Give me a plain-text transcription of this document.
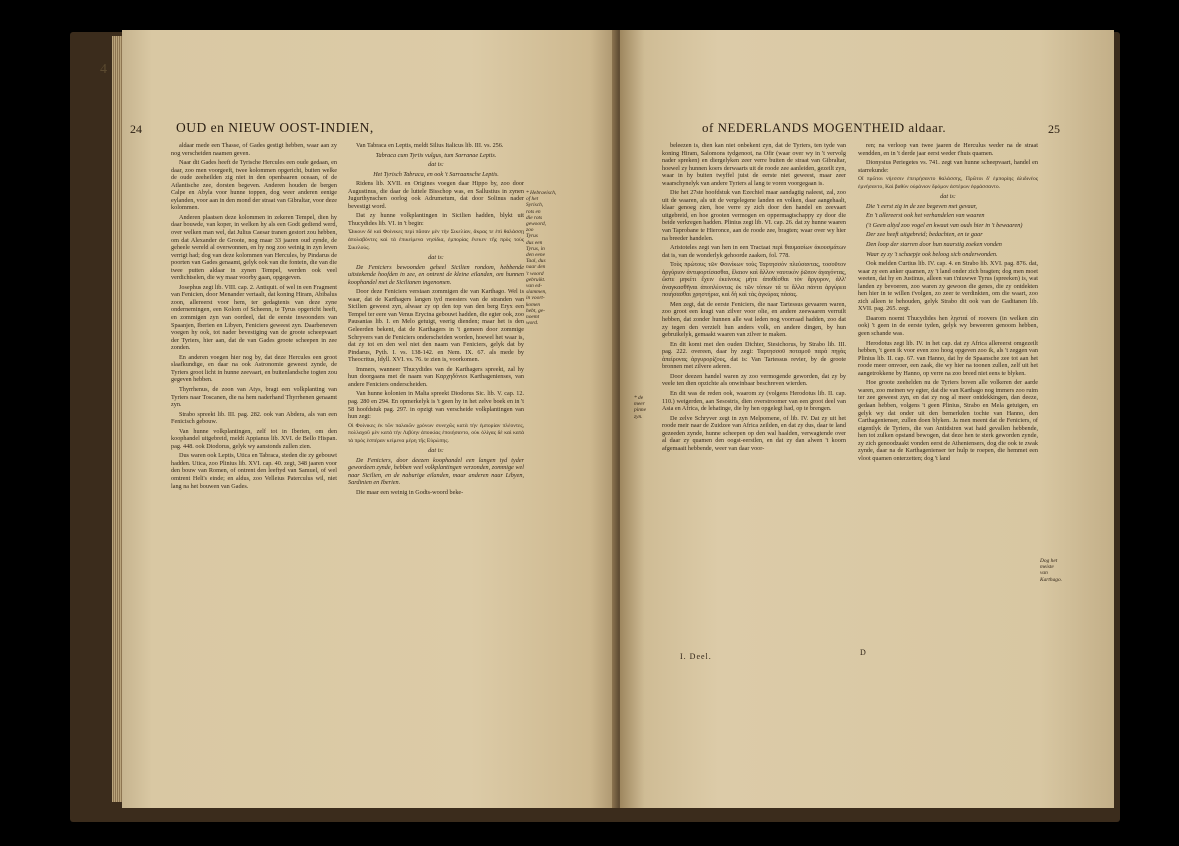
4
24	OUD en NIEUW OOST-INDIEN,

aldaar mede een Thasse, of Gades gestigt hebben, waar aan zy nog verscheiden naamen geven.

Naar dit Gades heeft de Tyrische Hercules een oude gedaan, en daar, zoo men voorgeeft, twee kolommen opgericht, buiten welke de oude zeeheilden zig niet in den openbaaren oceaan, of de Atlantische zee, dorsten begeven. Anderen houden de bergen Calpe en Abyla voor hunne toppen, dog weer anderen eenige eylanden, voor aan in den mond der straat van Gibraltar, voor deze kolommen.

Anderen plaatsen deze kolommen in zekeren Tempel, dien hy daar bouwde, van koper, in welken hy als een Godt gediend werd, over welken man wel, dat Julius Caesar tranen gestort zou hebben, om dat Alexander de Groote, nog maar 33 jaaren oud zynde, de geheele wereld al overwonnen, en hy nog zoo weinig in zyn leven verrigt had; dog van deze kolommen van Hercules, by Pindarus de poorten van Gades genaamt, gelyk ook van die fontein, die van die twee putten aldaar in zynen Tempel, werden ook veel verdichtselen, die wy maar voorby gaan, opgegeven.

Josephus zegt lib. VIII. cap. 2. Antiquit. of wel in een Fragment van Fenicien, door Menander vertaalt, dat koning Hiram, Abibalus zoon, allereerst voor hem, ter gedagtenis van deze zyne ondernemingen, een Kolom of Scheenn, te Tyrus opgericht heeft, en zommigen zyn van oordeel, dat de eerste inwoonders van Spaanjen, Iberien en Libyen, Feniciers geweest zyn. Daarbeneven voegen hy ook, tot nader bevestiging van de groote scheepvaart der Tyriers, hier aan, dat de van Gades groote scheepen in zee zonden.

En anderen voegen hier nog by, dat deze Hercules een groot slaafkundige, en daar na ook Astronomie geweest zynde, de Tyriers groot licht in hunne zeevaart, en buitenlandsche togten zou gegeven hebben.

Thyrrhenus, de zoon van Atys, bragt een volkplanting van Tyriers naar Toscanen, die na hem naderhand Thyrrhenen genaamt zyn.

Strabo spreekt lib. III. pag. 282. ook van Abdera, als van een Fenicisch gebouw.

Van hunne volkplantingen, zelf tot in Iberien, om den koophandel uitgebreid, meldt Appianus lib. XVI. de Bello Hispan. pag. 448. ook Diodorus, gelyk wy aanstonds zullen zien.

Dus waren ook Leptis, Utica en Tabraca, steden die zy gebouwt hadden. Utica, zoo Plinius lib. XVI. cap. 40. zegt, 348 jaaren voor den bouw van Romen, of ontrent den leeftyd van Samuel, of wel omtrent Heli's einde; en aldus, zoo Velleius Paterculus wil, niet lang na het bouwen van Gades.

Van Tabraca en Leptis, meldt Silius Italicus lib. III. vs. 256.

Tabraca cum Tyriis vulgus, tum Sarranae Leptis.

dat is:

Het Tyrisch Tabraca, en ook 't Sarraansche Leptis.

Ridens lib. XVII. en Origines voegen daar Hippo by, zoo door Augustinus, die daar de luttele Bisschop was, en Sallustius in zynen Jugurthynschen oorlog ook Adrumetum, dat door Solinus nader bevestigt word.

Dat zy hunne volkplantingen in Sicilien hadden, blykt uit Thucydides lib. VI. in 't begin:

Ὤικουν δὲ καὶ Φοίνικες περὶ πᾶσαν μὲν τὴν Σικελίαν, ἄκρας τε ἐπὶ θαλάσσῃ ἀπολαβόντες καὶ τὰ ἐπικείμενα νησίδια, ἐμπορίας ἕνεκεν τῆς πρὸς τοὺς Σικελούς.

dat is:

De Feniciers bewoonden geheel Sicilien rondom, hebbende uitstekende hoofden in zee, en ontrent de kleine eilanden, om hunnen koophandel met de Sicilianen ingenomen.

Door deze Feniciers verstaan zommigen die van Karthago. Wel is waar, dat de Karthagers langen tyd meesters van de stranden van Sicilien geweest zyn, alwaar zy op den top van den berg Eryx een Tempel ter eere van Venus Erycina gebouwt hadden, die egter ook, zoo Pausanias lib. I. en Melo getuigt, veerig dienden; maar het is den Geleerden bekent, dat de Karthagers in 't gemeen door zommige Schryvers van de Feniciers onderscheiden worden, hoewel het waar is, dat zy tot en den wel niet den naam van Feniciers, gelyk dat by Pindarus, Pyth. I. vs. 138-142. en Nem. IX. 67. als mede by Theocritus, Idyll. XVI. vs. 76. te zien is, voorkomen.

Immers, wanneer Thucydides van de Karthagers spreekt, zal hy hun doorgaans met de naam van Καρχηδόνιοι Karthagenienses, van andere Feniciers onderscheiden.

Van hunne kolonien in Malta spreekt Diodorus Sic. lib. V. cap. 12. pag. 280 en 294. En opmerkelyk is 't geen hy in het zelve boek en in 't 58 hoofdstuk pag. 297. in opzigt van verscheide volkplantingen van hun zegt:

Οἱ Φοίνικες ἐκ τῶν παλαιῶν χρόνων συνεχῶς κατὰ τὴν ἐμπορίαν πλέοντες, πολλαχοῦ μὲν κατὰ τὴν Λιβύην ἀποικίας ἐποιήσαντο, οὐκ ὀλίγας δὲ καὶ κατὰ τὰ πρὸς ἑσπέραν κείμενα μέρη τῆς Εὐρώπης.

dat is:

De Feniciers, door deezen koophandel een langen tyd tyder gewordeen zynde, hebben veel volkplantingen verzonden, zommige wel naar Sicilien, en de naburige eilanden, maar anderen naar Libyen, Sardinien en Iberien.

Die maar een weinig in Godts-woord beke-

* Hebraeisch,
of het
Syrisch,
rots en
die rots
gewoord,
zoo
Tyrus
dus een
Tyrus, in
den eene
Taal, dus
naar den
't woord
gebruikt.
van ed-
slammen,
in voort-
komen
hebt, ge-
noemt
word.
of NEDERLANDS MOGENTHEID aldaar.	25
* de
meer
pinne
zyn.

beleezen is, dien kan niet onbekent zyn, dat de Tyriers, ten tyde van koning Hiram, Salomons tydgenoot, na Ofir (waar over wy in 't vervolg nader spreken) en diergelyken zeer verre buiten de straat van Gibraltar, hoewel zy hunnen koers derwaarts uit de roode zee aanleiden, gezeilt zyn, waar in hy buiten twyffel juist de eerste niet geweest, maar zeer waarschynelyk van andere Tyriers al lang te voren voorgegaan is.

Die het 27ste hoofdstuk van Ezechiel maar aandagtig naleest, zal, zoo uit de waaren, als uit de vergelegene landen en volken, daar aangehaalt, klaar genoeg zien, hoe verre zy zich door den handel en zeevaart uitgebreid, en hoe grooten vermogen en oppermagtschappy zy door die beide verkregen hadden. Plinius zegt lib. VI. cap. 26. dat zy hunne waaren van Taprobane te Hieronce, aan de roode zee, bragten; waar over wy hier na breeder handelen.

Aristoteles zegt van hen in een Tractaat περὶ θαυμασίων ἀκουσμάτων dat is, van de wonderlyk gehoorde zaaken, fol. 778.

Τοὺς πρώτους τῶν Φοινίκων τοὺς Ταρτησσὸν πλεύσαντας, τοσοῦτον ἀργύριον ἀντιφορτίσασθαι, ἔλαιον καὶ ἄλλον ναυτικὸν ῥῶπον ἀγαγόντας, ὥστε μηκέτι ἔχειν ἐκείνους μήτε ἀποθέσθαι τὸν ἄργυρον, ἀλλ' ἀναγκασθῆναι ἀποπλέοντας ἐκ τῶν τόπων τά τε ἄλλα πάντα ἀργύρεα ποιήσασθαι χρηστήρια, καὶ δὴ καὶ τὰς ἀγκύρας πάσας.

Men zegt, dat de eerste Feniciers, die naar Tartessus gevaaren waren, zoo groot een kragt van zilver voor olie, en andere zeewaaren verruilt hebben, dat zonder hunnen alle wat leden nog voorraad hadden, zoo dat zy tegen den verzielt hun anders volk, en andere dingen, by hun gebruikelyk, gemaakt waaren van zilver te maken.

En dit komt met den ouden Dichter, Stesichorus, by Strabo lib. III. pag. 222. overeen, daar hy zegt: Ταρτησσοῦ ποταμοῦ παρὰ πηγὰς ἀπείρονας ἀργυρορίζους, dat is: Van Tartessus revier, by de groote bronnen met zilvere aderen.

Door deezen handel waren zy zoo vermogende geworden, dat zy by veele ten dien opzichte als onwinbaar beschreven wierden.

En dit was de reden ook, waarom zy (volgens Herodotus lib. II. cap. 110.) weigerden, aan Sesostris, dien overstroomer van een groot deel van Asia en Africa, de lehatinge, die hy hen opgelegt had, op te brengen.

De zelve Schryver zegt in zyn Melpomene, of lib. IV. Dat zy uit het roode meir naar de Zuidzee van Africa zeilden, en dat zy dus, daar te land gezeeden zynde, hunne scheepen op den wal haalden, verwagtende over al daar zy quamen den oogst-eerstlen, en dat zy dan alwen 't koorn afgemaait hebbende, weer van daar voor-

ren; na verloop van twee jaaren de Herculus weder na de straat wendden, en in 't derde jaar eerst weder t'huis quamen.

Dionysius Periegetes vs. 741. zegt van hunne scheepvaart, handel en starrekunde:

Οἳ πρῶτοι νήεσσιν ἐπειρήσαντο θαλάσσης, Πρῶτοι δ' ἐμπορίης ἁλιδινέος ἐμνήσαντο, Καὶ βαθὺν οὐράνιον δρόμον ἀστέρων ἐφράσσαντο.

dat is:

Die 't eerst zig in de zee begeven met gevaar,

En 't allereerst ook het verhandelen van waaren

('t Geen altyd zoo vogel en kwaat van ouds hier in 't bewaaren)

Der zee heeft uitgebreid; bedachten, en te gaar

Den loop der starren door hun naarstig zoeken vonden

Waar zy zy 't schaepje ook beloog sich onderwonden.

Ook melden Curtius lib. IV. cap. 4. en Strabo lib. XVI. pag. 876. dat, waar zy een anker quamen, zy 't land onder zich bragten; dog men moet weeten, dat hy en Justinus, alleen van t'niuwwe Tyrus (spreeken) is, wat landen zy bevoeren, zoo waren zy gewoon die genes, die zy ontdekten hen hier in te willen t'volgen, zo zeer te verdinkten, om die waart, zoo zich alleen te behouden, gelyk Strabo dit ook van de Gaditanen lib. XVII. pag. 265. zegt.

Daarom noemt Thucydides hen λῃσταί of roovers (in welken zin ook) 't geen in de eerste tyden, gelyk wy beweeren genoom hebben, geen schande was.

Herodotus zegt lib. IV. in het cap. dat zy Africa allereerst omgezeilt hebben, 't geen ik voor even zoo hoog opgeven zoo ik, als 't zeggen van Plinius lib. II. cap. 67. van Hanno, dat hy de Spaansche zee tot aan het roode meer omvoer, een zaak, die wy hier na toonen zullen, zelf uit het aangetrokkene by Hanno, op verre na zoo breed niet eens te blyken.

Hoe groote zeehelden nu de Tyriers boven alle volkeren der aarde waren, zoo meinen wy egter, dat die van Karthago nog immers zoo ruim ter zee geweest zyn, en dat zy nog al meer ontdekkingen, dan deeze, gedaan hebben, volgens 't geen Plinius, Strabo en Mela getuigen, en gelyk wy dat onder uit den bemerkden tochte van Hanno, den Carthagenienser, zullen doen blyken. Ja men meent dat de Feniciers, of eigentlyk de Tyriers, die van Antidsiren wat haid gevallen hebbende, hen tot zulken opstand bewogen, dat deze hen te sterk geworden zynde, zy zich genoodzaakt vonden eerst de Atheniensers, dog die ook te zwak zynde, daar na de Karthagenienser ter hulp te roepen, die hemmet een vloot quamen onterzetten; dog 't land

Dog het
meiste
van
Karthago.
I. Deel.	D
